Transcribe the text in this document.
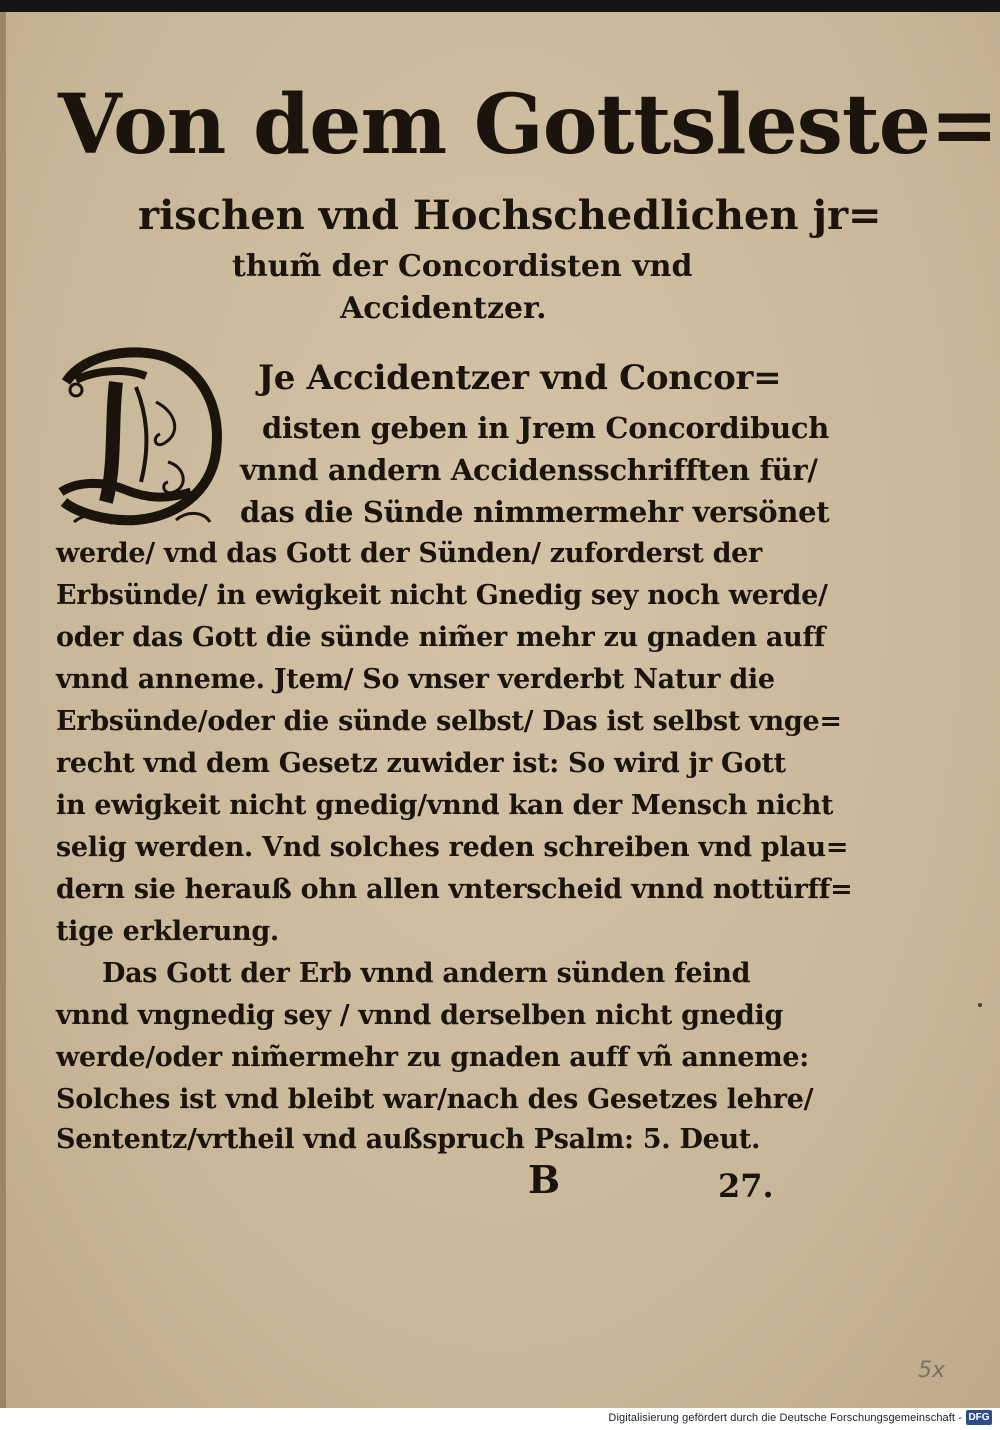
Von dem Gottsleste=
rischen vnd Hochschedlichen jr=
thum̃ der Concordisten vnd
Accidentzer.
Je Accidentzer vnd Concor=
disten geben in Jrem Concordibuch
vnnd andern Accidensschrifften für/
das die Sünde nimmermehr versönet
werde/ vnd das Gott der Sünden/ zuforderst der
Erbsünde/ in ewigkeit nicht Gnedig sey noch werde/
oder das Gott die sünde nim̃er mehr zu gnaden auff
vnnd anneme. Jtem/ So vnser verderbt Natur die
Erbsünde/oder die sünde selbst/ Das ist selbst vnge=
recht vnd dem Gesetz zuwider ist: So wird jr Gott
in ewigkeit nicht gnedig/vnnd kan der Mensch nicht
selig werden. Vnd solches reden schreiben vnd plau=
dern sie herauß ohn allen vnterscheid vnnd nottürff=
tige erklerung.
Das Gott der Erb vnnd andern sünden feind
vnnd vngnedig sey / vnnd derselben nicht gnedig
werde/oder nim̃ermehr zu gnaden auff vñ anneme:
Solches ist vnd bleibt war/nach des Gesetzes lehre/
Sententz/vrtheil vnd außspruch Psalm: 5. Deut.
B	27.
5x
Digitalisierung gefördert durch die Deutsche Forschungsgemeinschaft - DFG
